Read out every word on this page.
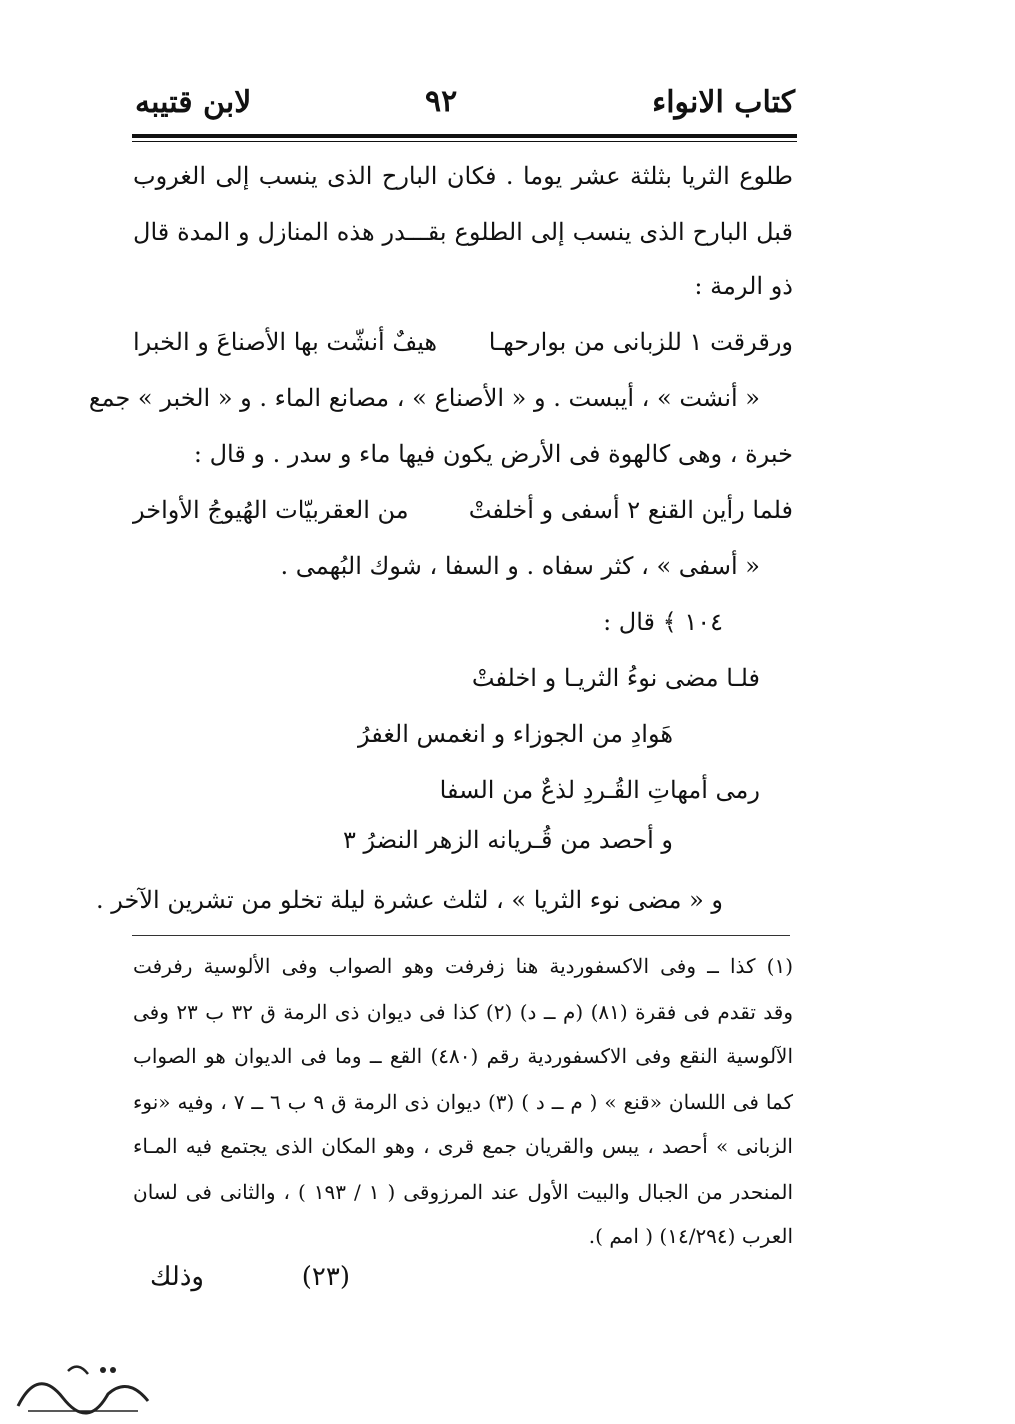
كتاب الانواء
لابن قتيبه	٩٢
طلوع الثريا بثلثة عشر يوما . فكان البارح الذى ينسب إلى الغروب
قبل البارح الذى ينسب إلى الطلوع بقـــدر هذه المنازل و المدة قال
ذو الرمة :
ورقرقت ١ للزبانى من بوارحهـا
هيفٌ أنشّت بها الأصناعَ و الخبرا
« أنشت » ، أيبست . و « الأصناع » ، مصانع الماء . و « الخبر » جمع
خبرة ، وهى كالهوة فى الأرض يكون فيها ماء و سدر . و قال :
فلما رأين القنع ٢ أسفى و أخلفتْ
من العقربيّات الهُيوجُ الأواخر
« أسفى » ، كثر سفاه . و السفا ، شوك البُهمى .
١٠٤ ﴾ قال :
فلـا مضى نوءُ الثريـا و اخلفتْ
هَوادِ من الجوزاء و انغمس الغفرُ
رمى أمهاتِ القُـردِ لذعٌ من السفا
و أحصد من قُـريانه الزهر النضرُ ٣
و « مضى نوء الثريا » ، لثلث عشرة ليلة تخلو من تشرين الآخر .
(١) كذا ــ وفى الاكسفوردية هنا زفرفت وهو الصواب وفى الألوسية رفرفت
وقد تقدم فى فقرة (٨١) (م ــ د) (٢) كذا فى ديوان ذى الرمة ق ٣٢ ب ٢٣ وفى
الآلوسية النقع وفى الاكسفوردية رقم (٤٨٠) القع ــ وما فى الديوان هو الصواب
كما فى اللسان «قنع » ( م ــ د ) (٣) ديوان ذى الرمة ق ٩ ب ٦ ــ ٧ ، وفيه «نوء
الزبانى » أحصد ، يبس والقريان جمع قرى ، وهو المكان الذى يجتمع فيه المـاء
المنحدر من الجبال والبيت الأول عند المرزوقى ( ١ / ١٩٣ ) ، والثانى فى لسان
العرب (١٤/٢٩٤) ( امم ).
وذلك	(٢٣)
